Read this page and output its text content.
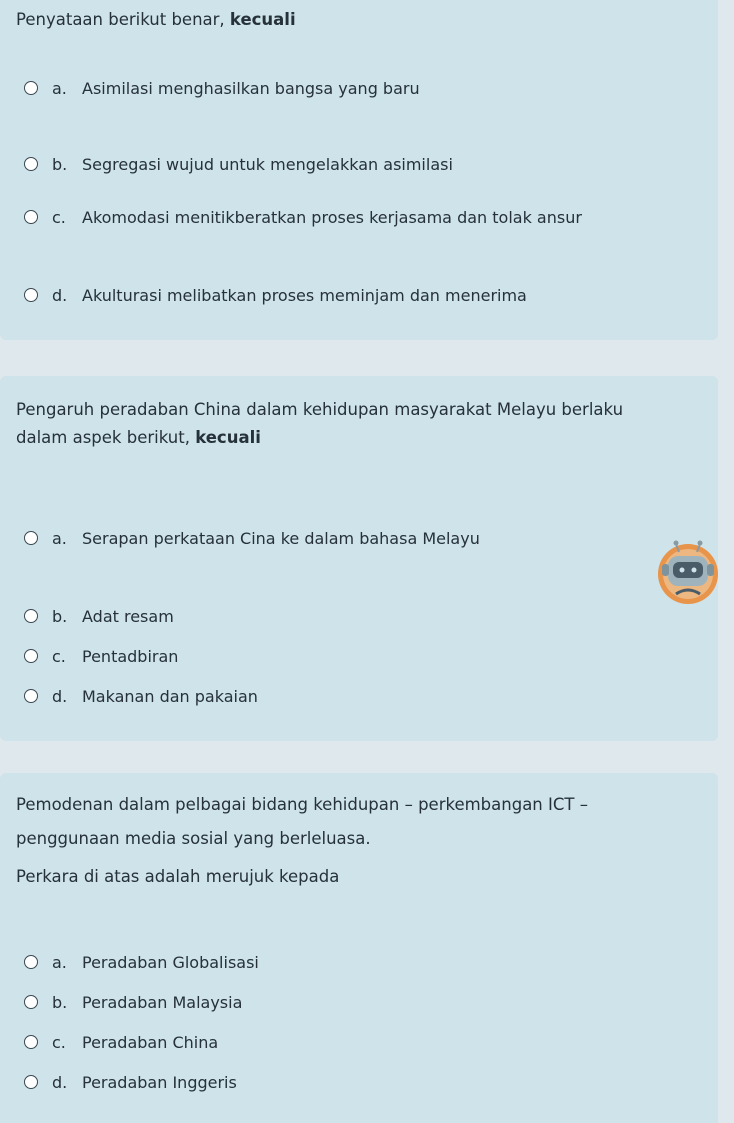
Penyataan berikut benar, kecuali
a. Asimilasi menghasilkan bangsa yang baru
b. Segregasi wujud untuk mengelakkan asimilasi
c.	Akomodasi menitikberatkan proses kerjasama dan tolak ansur
d. Akulturasi melibatkan proses meminjam dan menerima
Pengaruh peradaban China dalam kehidupan masyarakat Melayu berlaku
dalam aspek berikut, kecuali
a. Serapan perkataan Cina ke dalam bahasa Melayu
b. Adat resam
c.	Pentadbiran
d. Makanan dan pakaian
Pemodenan dalam pelbagai bidang kehidupan – perkembangan ICT –
penggunaan media sosial yang berleluasa.
Perkara di atas adalah merujuk kepada
a. Peradaban Globalisasi
b. Peradaban Malaysia
c.	Peradaban China
d. Peradaban Inggeris
